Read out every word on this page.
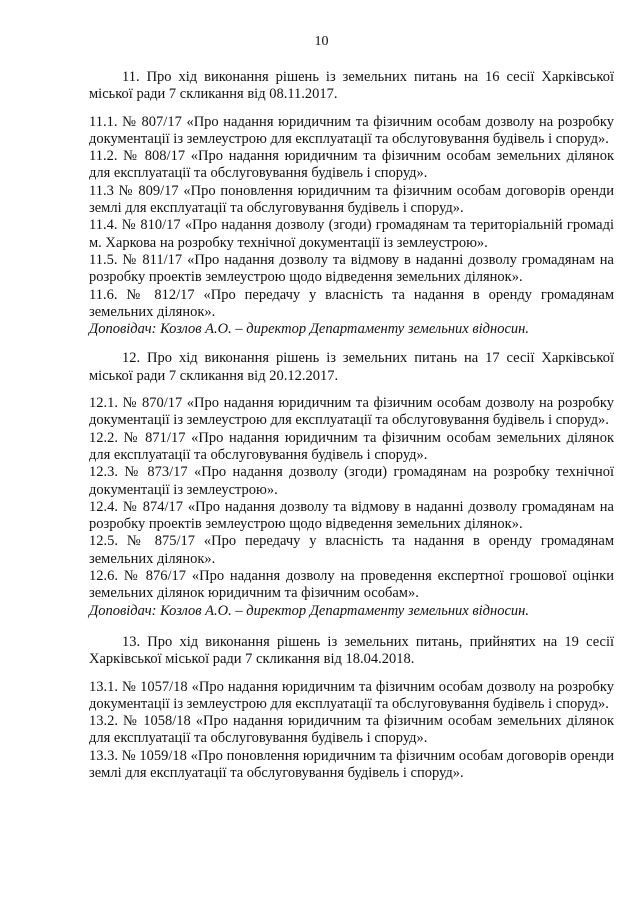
10

11. Про хід виконання рішень із земельних питань на 16 сесії Харківської міської ради 7 скликання від 08.11.2017.

11.1. № 807/17 «Про надання юридичним та фізичним особам дозволу на розробку документації із землеустрою для експлуатації та обслуговування будівель і споруд».

11.2. № 808/17 «Про надання юридичним та фізичним особам земельних ділянок для експлуатації та обслуговування будівель і споруд».

11.3 № 809/17 «Про поновлення юридичним та фізичним особам договорів оренди землі для експлуатації та обслуговування будівель і споруд».

11.4. № 810/17 «Про надання дозволу (згоди) громадянам та територіальній громаді м. Харкова на розробку технічної документації із землеустрою».

11.5. № 811/17 «Про надання дозволу та відмову в наданні дозволу громадянам на розробку проектів землеустрою щодо відведення земельних ділянок».

11.6. № 812/17 «Про передачу у власність та надання в оренду громадянам земельних ділянок».

Доповідач: Козлов А.О. – директор Департаменту земельних відносин.

12. Про хід виконання рішень із земельних питань на 17 сесії Харківської міської ради 7 скликання від 20.12.2017.

12.1. № 870/17 «Про надання юридичним та фізичним особам дозволу на розробку документації із землеустрою для експлуатації та обслуговування будівель і споруд».

12.2. № 871/17 «Про надання юридичним та фізичним особам земельних ділянок для експлуатації та обслуговування будівель і споруд».

12.3. № 873/17 «Про надання дозволу (згоди) громадянам на розробку технічної документації із землеустрою».

12.4. № 874/17 «Про надання дозволу та відмову в наданні дозволу громадянам на розробку проектів землеустрою щодо відведення земельних ділянок».

12.5. № 875/17 «Про передачу у власність та надання в оренду громадянам земельних ділянок».

12.6. № 876/17 «Про надання дозволу на проведення експертної грошової оцінки земельних ділянок юридичним та фізичним особам».

Доповідач: Козлов А.О. – директор Департаменту земельних відносин.

13. Про хід виконання рішень із земельних питань, прийнятих на 19 сесії Харківської міської ради 7 скликання від 18.04.2018.

13.1. № 1057/18 «Про надання юридичним та фізичним особам дозволу на розробку документації із землеустрою для експлуатації та обслуговування будівель і споруд».

13.2. № 1058/18 «Про надання юридичним та фізичним особам земельних ділянок для експлуатації та обслуговування будівель і споруд».

13.3. № 1059/18 «Про поновлення юридичним та фізичним особам договорів оренди землі для експлуатації та обслуговування будівель і споруд».
